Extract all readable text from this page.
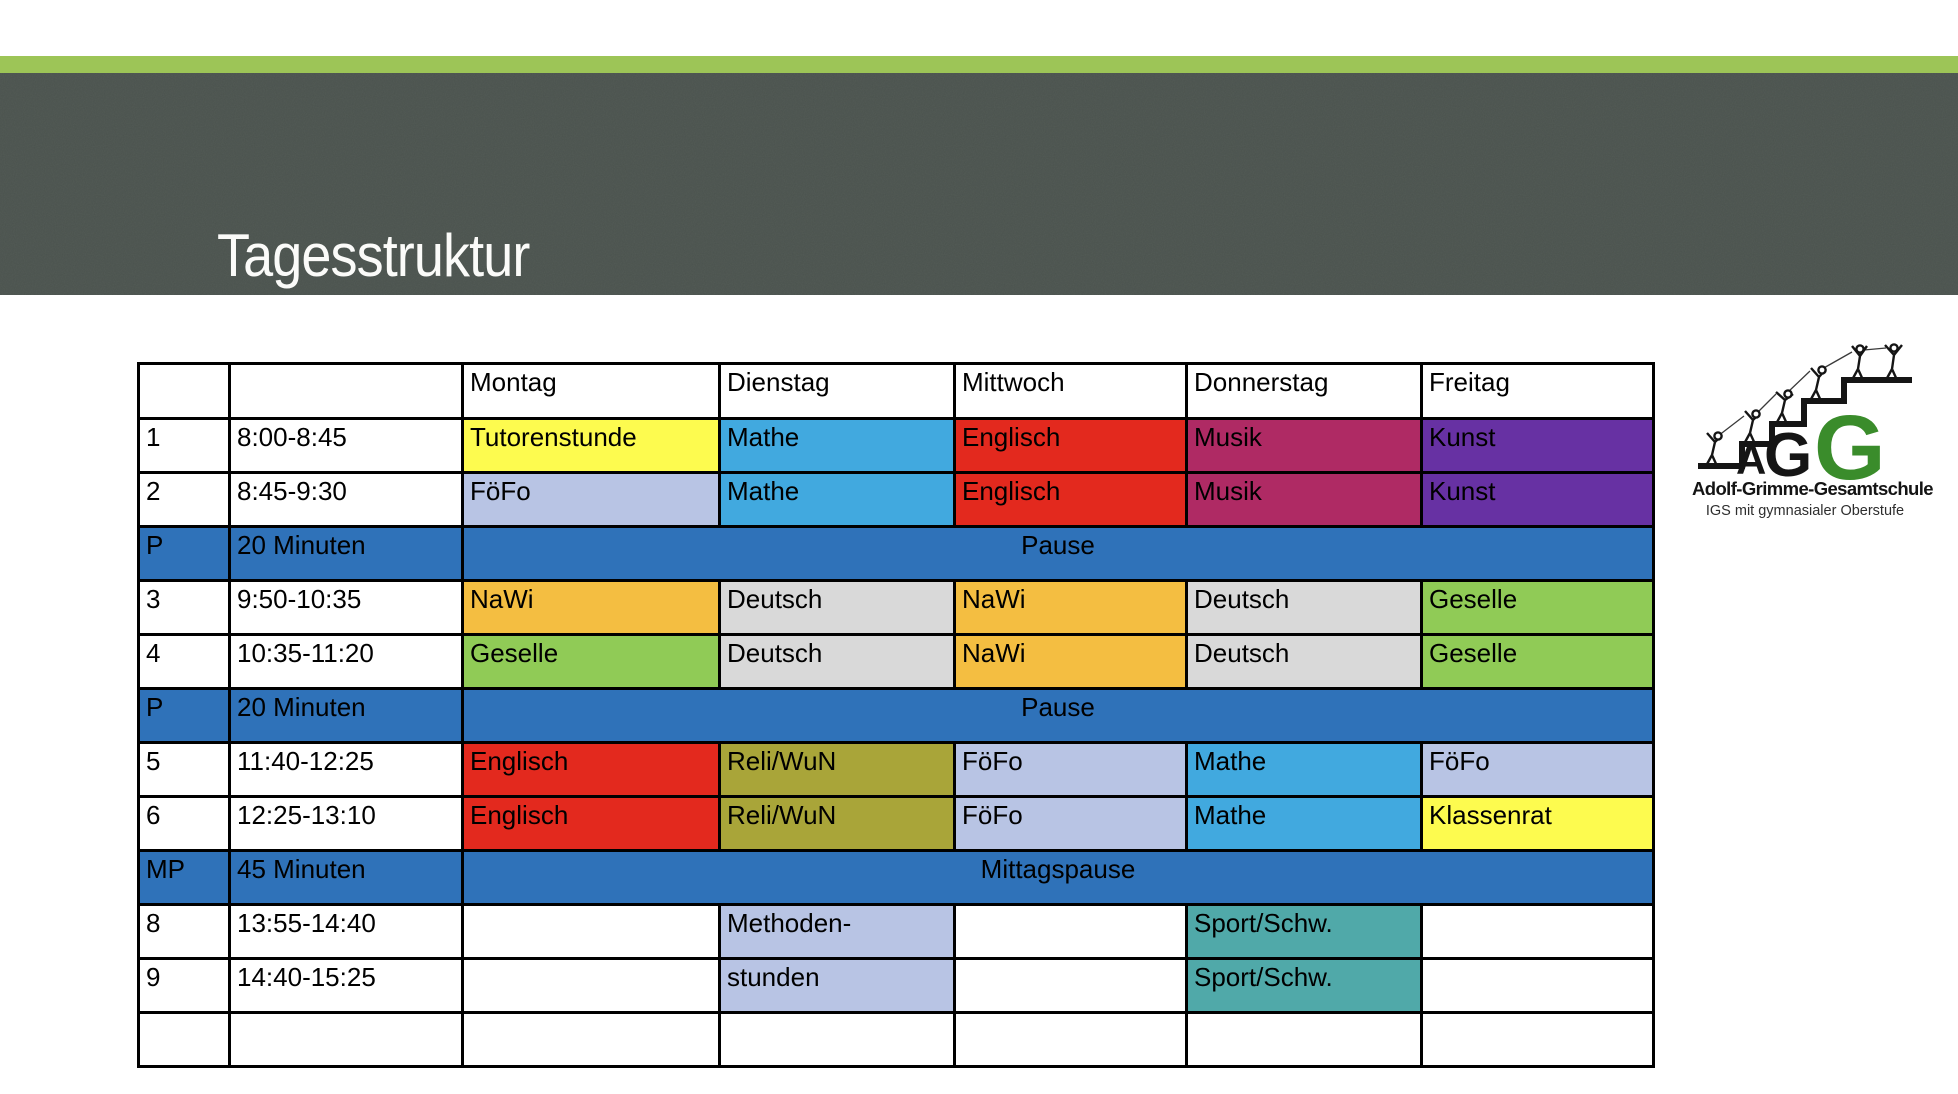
Tagesstruktur
		Montag	Dienstag	Mittwoch	Donnerstag	Freitag
1	8:00-8:45	Tutorenstunde	Mathe	Englisch	Musik	Kunst
2	8:45-9:30	FöFo	Mathe	Englisch	Musik	Kunst
P	20 Minuten	Pause				
3	9:50-10:35	NaWi	Deutsch	NaWi	Deutsch	Geselle
4	10:35-11:20	Geselle	Deutsch	NaWi	Deutsch	Geselle
P	20 Minuten	Pause				
5	11:40-12:25	Englisch	Reli/WuN	FöFo	Mathe	FöFo
6	12:25-13:10	Englisch	Reli/WuN	FöFo	Mathe	Klassenrat
MP	45 Minuten	Mittagspause				
8	13:55-14:40		Methoden-		Sport/Schw.	
9	14:40-15:25		stunden		Sport/Schw.	

A
G G
Adolf-Grimme-Gesamtschule
IGS mit gymnasialer Oberstufe
